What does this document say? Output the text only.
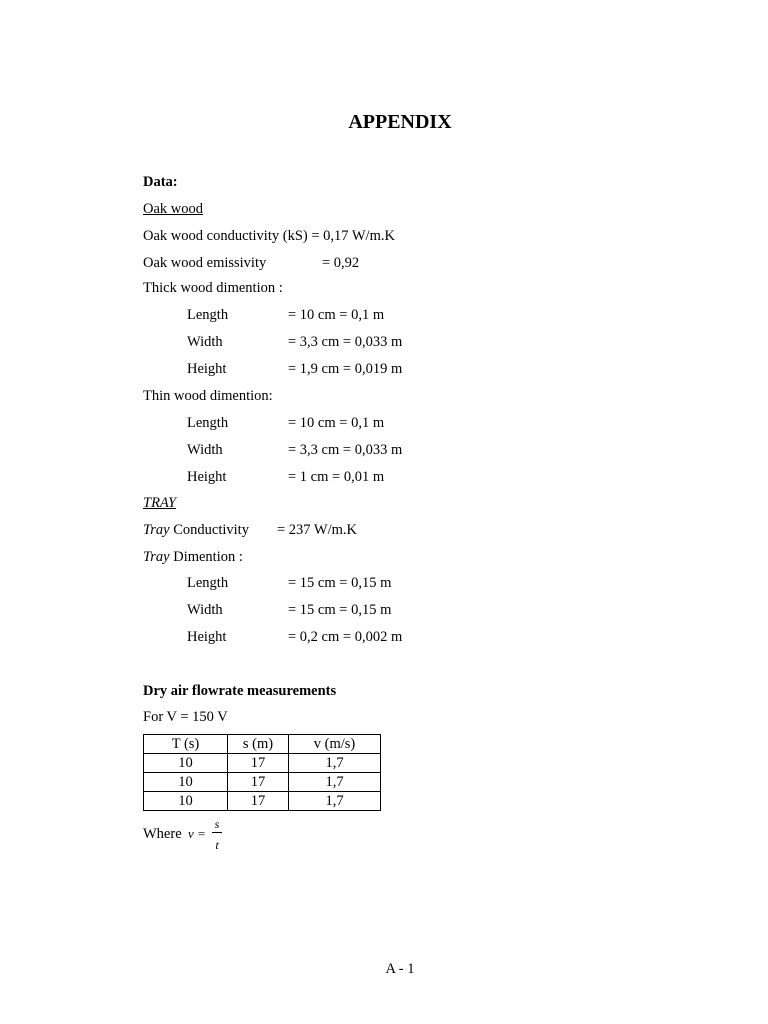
APPENDIX
Data:
Oak wood
Oak wood conductivity (kS) = 0,17 W/m.K
Oak wood emissivity	= 0,92
Thick wood dimention :
Length	= 10 cm = 0,1 m
Width	= 3,3 cm = 0,033 m
Height	= 1,9 cm = 0,019 m
Thin wood dimention:
Length	= 10 cm = 0,1 m
Width	= 3,3 cm = 0,033 m
Height	= 1 cm = 0,01 m
TRAY
Tray Conductivity = 237 W/m.K
Tray Dimention :
Length	= 15 cm = 0,15 m
Width	= 15 cm = 0,15 m
Height	= 0,2 cm = 0,002 m
Dry air flowrate measurements
For V = 150 V
T (s)	s (m)	v (m/s)
10	17	1,7
10	17	1,7
10	17	1,7
Where v =
s
t
A - 1
